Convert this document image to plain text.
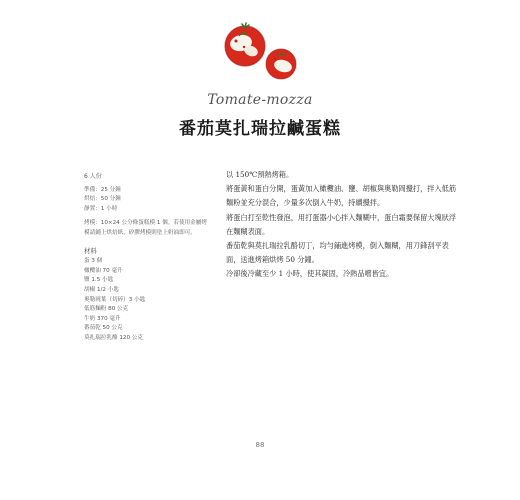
Tomate-mozza
番茄莫扎瑞拉鹹蛋糕
6 人份
準備：25 分鐘
烘焙：50 分鐘
靜置：1 小時
烤模：10×24 公分條蛋糕模 1 個。若使用金屬烤模請鋪上烘焙紙，矽膠烤模則塗上奶油即可。
材料
蛋 3 個
橄欖油 70 毫升
鹽 1.5 小匙
胡椒 1/2 小匙
奧勒岡葉（切碎）3 小匙
低筋麵粉 80 公克
牛奶 370 毫升
番茄乾 50 公克
莫扎瑞拉乳酪 120 公克

以 150℃預熱烤箱。

將蛋黃和蛋白分開，蛋黃加入橄欖油、鹽、胡椒與奧勒岡攪打，拌入低筋麵粉並充分混合，少量多次倒入牛奶，持續攪拌。

將蛋白打至乾性發泡，用打蛋器小心拌入麵糊中，蛋白霜要保留大塊狀浮在麵糊表面。

番茄乾與莫扎瑞拉乳酪切丁，均勻鋪進烤模，倒入麵糊，用刀鋒刮平表面，送進烤箱烘烤 50 分鐘。

冷卻後冷藏至少 1 小時，使其凝固，冷熱品嚐皆宜。

88
